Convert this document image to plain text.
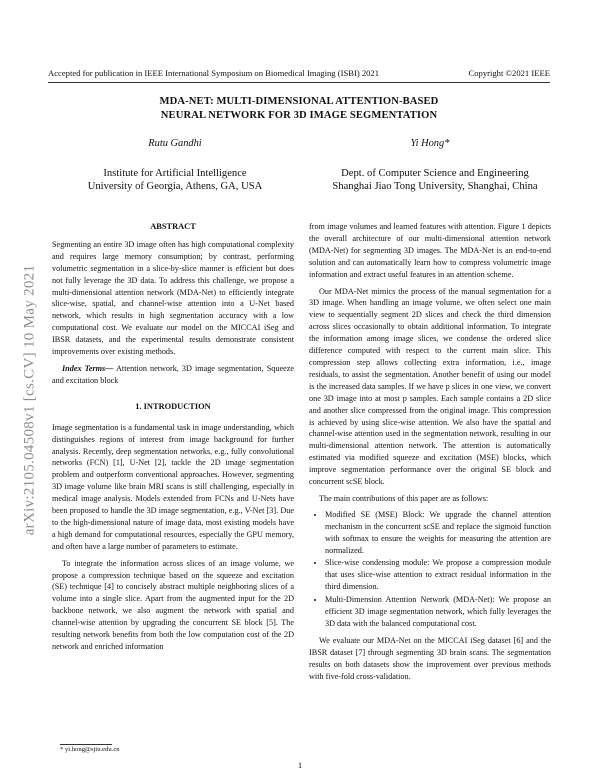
Accepted for publication in IEEE International Symposium on Biomedical Imaging (ISBI) 2021	Copyright ©2021 IEEE
MDA-NET: MULTI-DIMENSIONAL ATTENTION-BASED
NEURAL NETWORK FOR 3D IMAGE SEGMENTATION
Rutu Gandhi	Yi Hong*
Institute for Artificial Intelligence
University of Georgia, Athens, GA, USA
Dept. of Computer Science and Engineering
Shanghai Jiao Tong University, Shanghai, China
arXiv:2105.04508v1 [cs.CV] 10 May 2021
ABSTRACT

Segmenting an entire 3D image often has high computational complexity and requires large memory consumption; by contrast, performing volumetric segmentation in a slice-by-slice manner is efficient but does not fully leverage the 3D data. To address this challenge, we propose a multi-dimensional attention network (MDA-Net) to efficiently integrate slice-wise, spatial, and channel-wise attention into a U-Net based network, which results in high segmentation accuracy with a low computational cost. We evaluate our model on the MICCAI iSeg and IBSR datasets, and the experimental results demonstrate consistent improvements over existing methods.

Index Terms— Attention network, 3D image segmentation, Squeeze and excitation block

1. INTRODUCTION

Image segmentation is a fundamental task in image understanding, which distinguishes regions of interest from image background for further analysis. Recently, deep segmentation networks, e.g., fully convolutional networks (FCN) [1], U-Net [2], tackle the 2D image segmentation problem and outperform conventional approaches. However, segmenting 3D image volume like brain MRI scans is still challenging, especially in medical image analysis. Models extended from FCNs and U-Nets have been proposed to handle the 3D image segmentation, e.g., V-Net [3]. Due to the high-dimensional nature of image data, most existing models have a high demand for computational resources, especially the GPU memory, and often have a large number of parameters to estimate.

To integrate the information across slices of an image volume, we propose a compression technique based on the squeeze and excitation (SE) technique [4] to concisely abstract multiple neighboring slices of a volume into a single slice. Apart from the augmented input for the 2D backbone network, we also augment the network with spatial and channel-wise attention by upgrading the concurrent SE block [5]. The resulting network benefits from both the low computation cost of the 2D network and enriched information

* yi.hong@sjtu.edu.cn

from image volumes and learned features with attention. Figure 1 depicts the overall architecture of our multi-dimensional attention network (MDA-Net) for segmenting 3D images. The MDA-Net is an end-to-end solution and can automatically learn how to compress volumetric image information and extract useful features in an attention scheme.

Our MDA-Net mimics the process of the manual segmentation for a 3D image. When handling an image volume, we often select one main view to sequentially segment 2D slices and check the third dimension across slices occasionally to obtain additional information. To integrate the information among image slices, we condense the ordered slice difference computed with respect to the current main slice. This compression step allows collecting extra information, i.e., image residuals, to assist the segmentation. Another benefit of using our model is the increased data samples. If we have p slices in one view, we convert one 3D image into at most p samples. Each sample contains a 2D slice and another slice compressed from the original image. This compression is achieved by using slice-wise attention. We also have the spatial and channel-wise attention used in the segmentation network, resulting in our multi-dimensional attention network. The attention is automatically estimated via modified squeeze and excitation (MSE) blocks, which improve segmentation performance over the original SE block and concurrent scSE block.

The main contributions of this paper are as follows:

• Modified SE (MSE) Block: We upgrade the channel attention mechanism in the concurrent scSE and replace the sigmoid function with softmax to ensure the weights for measuring the attention are normalized.
• Slice-wise condensing module: We propose a compression module that uses slice-wise attention to extract residual information in the third dimension.
• Multi-Dimension Attention Network (MDA-Net): We propose an efficient 3D image segmentation network, which fully leverages the 3D data with the balanced computational cost.

We evaluate our MDA-Net on the MICCAI iSeg dataset [6] and the IBSR dataset [7] through segmenting 3D brain scans. The segmentation results on both datasets show the improvement over previous methods with five-fold cross-validation.

1
